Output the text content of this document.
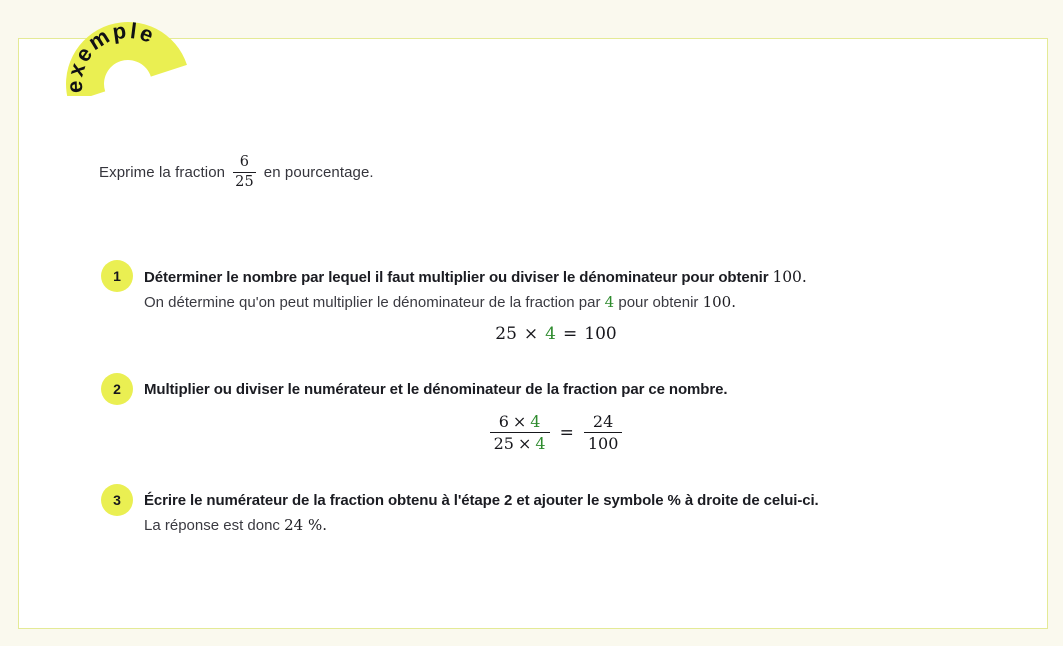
Exprime la fraction $\frac{6}{25}$ en pourcentage.
1	Déterminer le nombre par lequel il faut multiplier ou diviser le dénominateur pour obtenir 100.
On détermine qu'on peut multiplier le dénominateur de la fraction par 4 pour obtenir 100.
25 × 4 = 100
2	Multiplier ou diviser le numérateur et le dénominateur de la fraction par ce nombre.
$\frac{6 \times 4}{25 \times 4} = \frac{24}{100}$
3	Écrire le numérateur de la fraction obtenu à l'étape 2 et ajouter le symbole % à droite de celui-ci.
La réponse est donc 24 %.
exemple
